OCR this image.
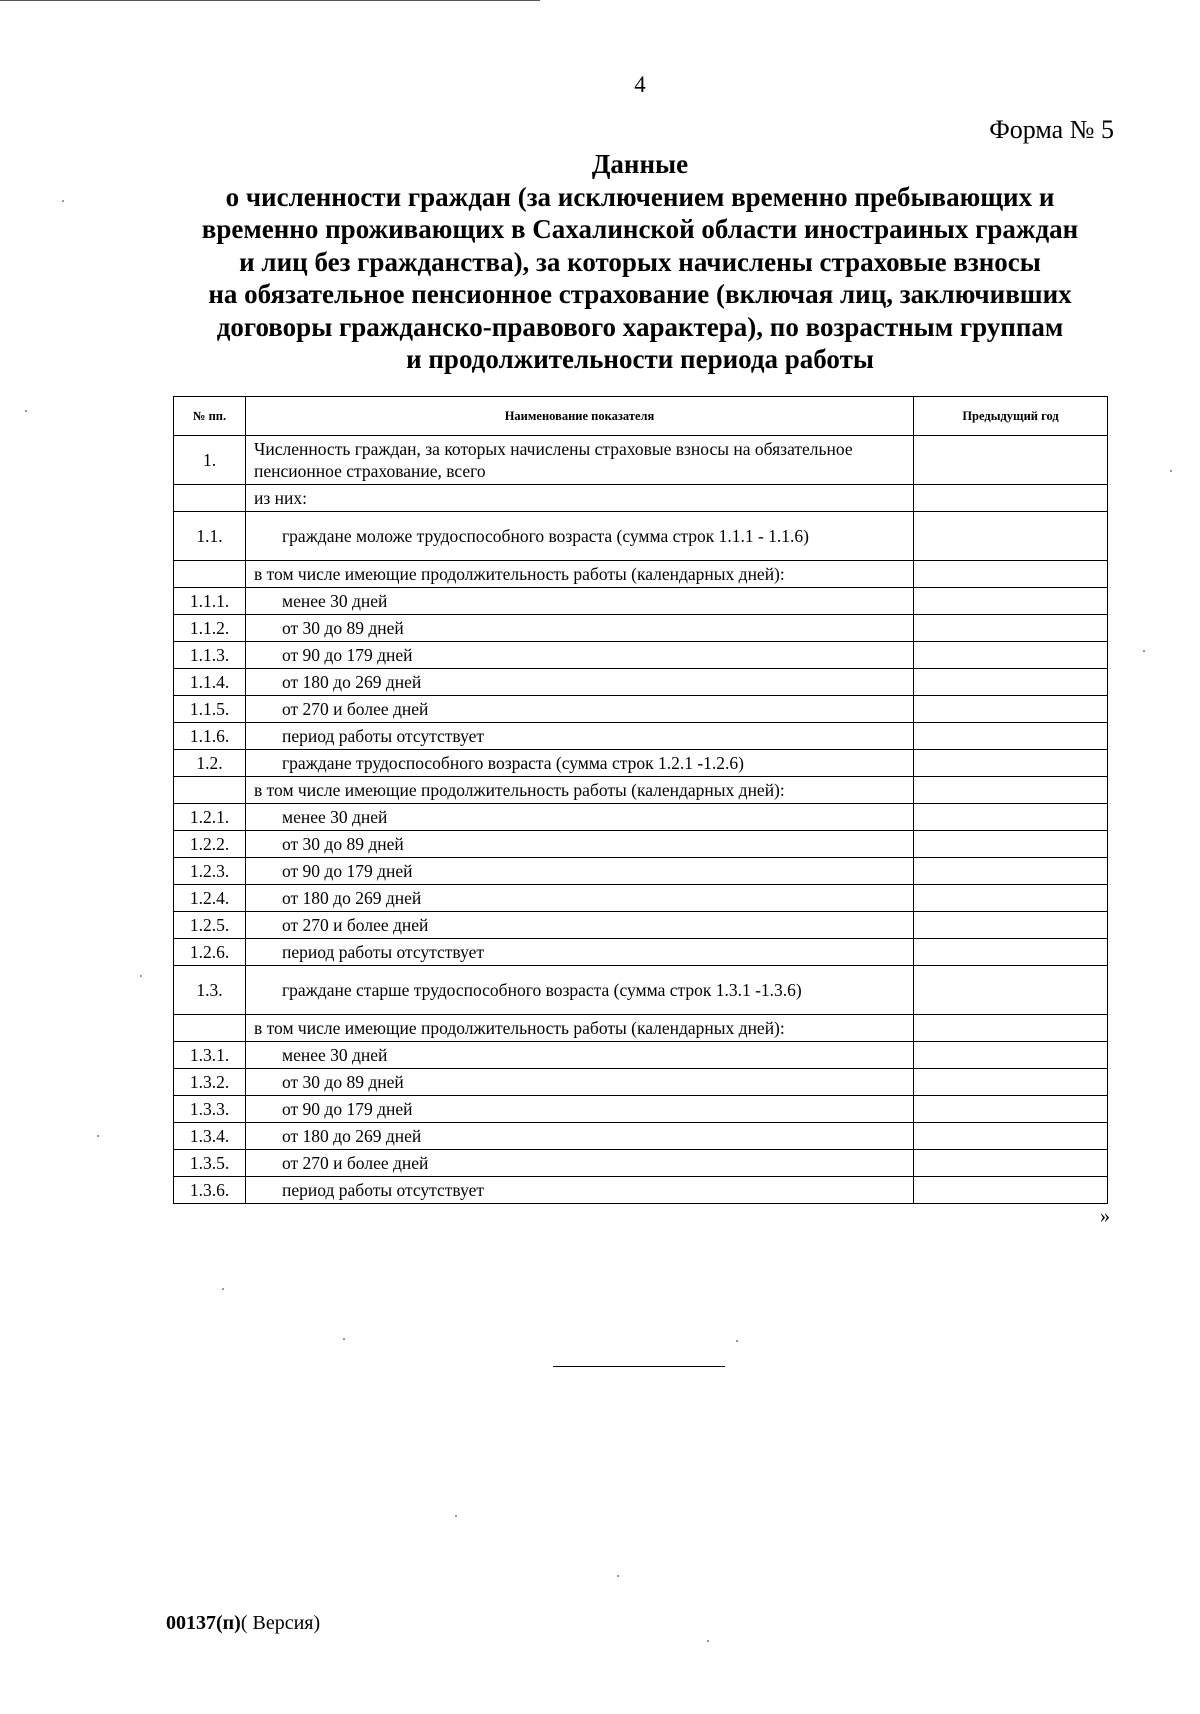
4
Форма № 5
Данные
о численности граждан (за исключением временно пребывающих и
временно проживающих в Сахалинской области иностраиных граждан
и лиц без гражданства), за которых начислены страховые взносы
на обязательное пенсионное страхование (включая лиц, заключивших
договоры гражданско-правового характера), по возрастным группам
и продолжительности периода работы
№ пп.	Наименование показателя	Предыдущий год
1.	Численность граждан, за которых начислены страховые взносы на обязательное пенсионное страхование, всего	
	из них:	
1.1.	граждане моложе трудоспособного возраста (сумма строк 1.1.1 - 1.1.6)	
	в том числе имеющие продолжительность работы (календарных дней):	
1.1.1.	менее 30 дней	
1.1.2.	от 30 до 89 дней	
1.1.3.	от 90 до 179 дней	
1.1.4.	от 180 до 269 дней	
1.1.5.	от 270 и более дней	
1.1.6.	период работы отсутствует	
1.2.	граждане трудоспособного возраста (сумма строк 1.2.1 -1.2.6)	
	в том числе имеющие продолжительность работы (календарных дней):	
1.2.1.	менее 30 дней	
1.2.2.	от 30 до 89 дней	
1.2.3.	от 90 до 179 дней	
1.2.4.	от 180 до 269 дней	
1.2.5.	от 270 и более дней	
1.2.6.	период работы отсутствует	
1.3.	граждане старше трудоспособного возраста (сумма строк 1.3.1 -1.3.6)	
	в том числе имеющие продолжительность работы (календарных дней):	
1.3.1.	менее 30 дней	
1.3.2.	от 30 до 89 дней	
1.3.3.	от 90 до 179 дней	
1.3.4.	от 180 до 269 дней	
1.3.5.	от 270 и более дней	
1.3.6.	период работы отсутствует	
»
00137(п)( Версия)
